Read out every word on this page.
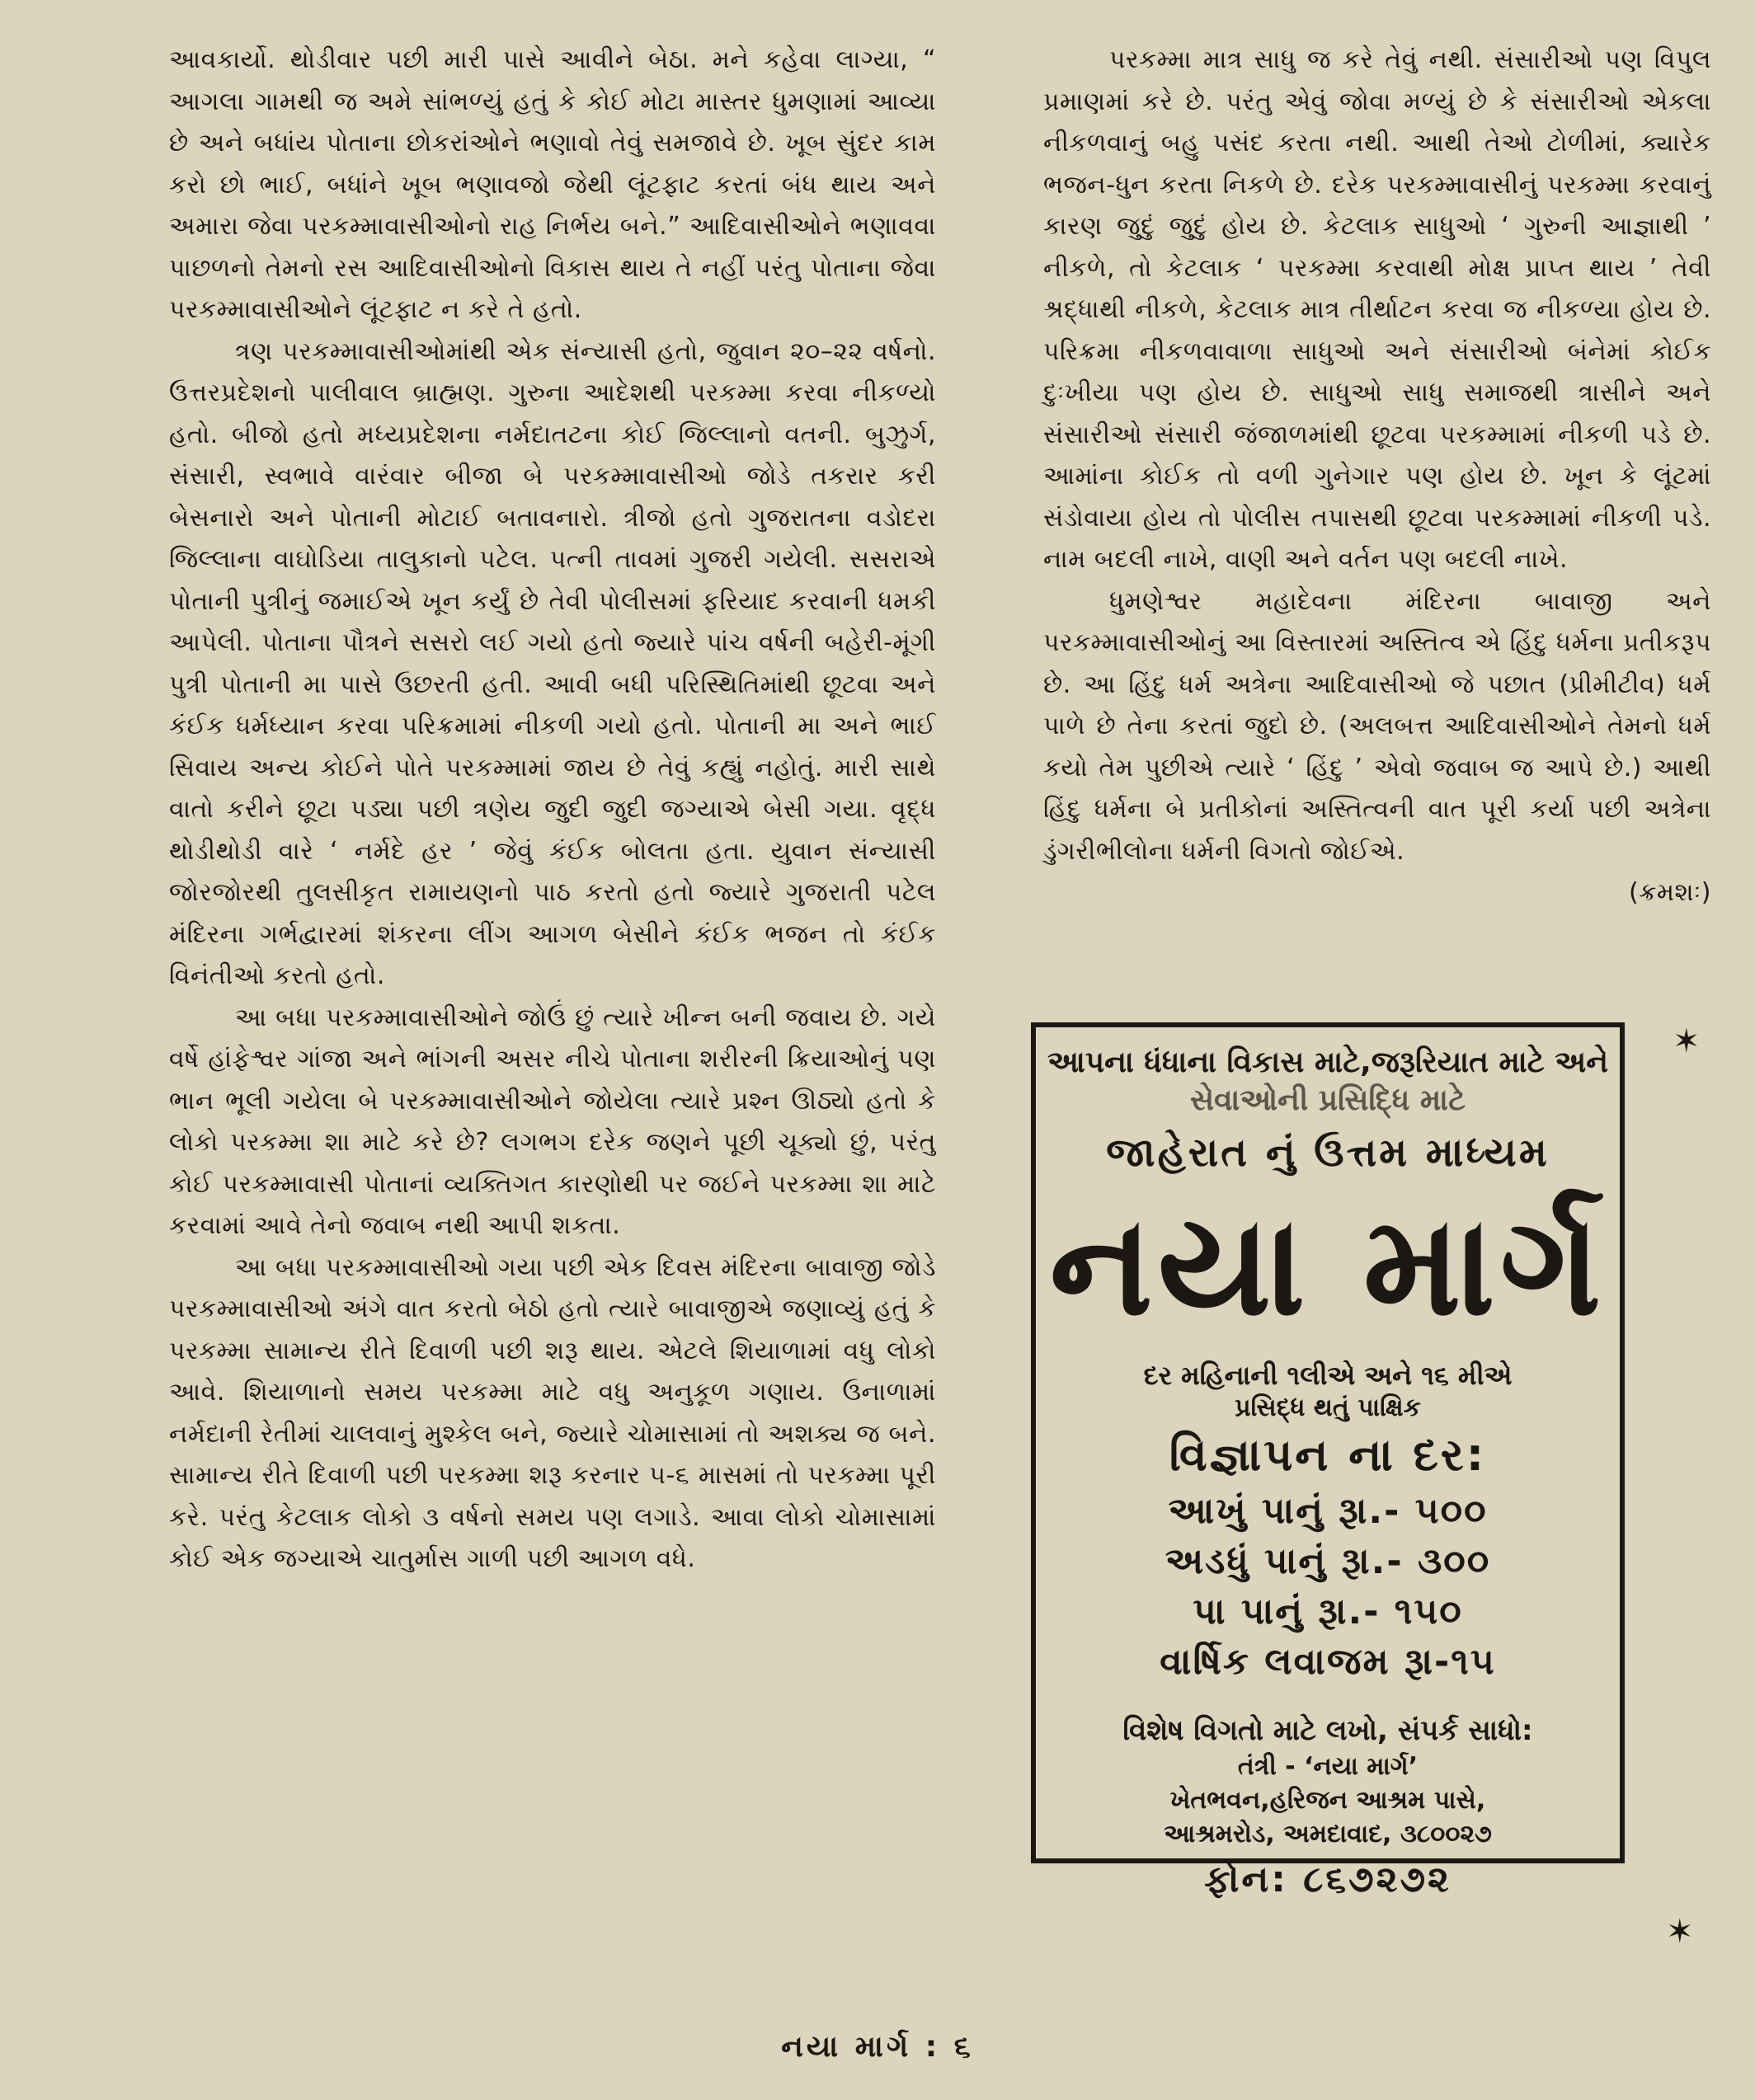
આવકાર્યો. થોડીવાર પછી મારી પાસે આવીને બેઠા. મને કહેવા લાગ્યા, “ આગલા ગામથી જ અમે સાંભળ્યું હતું કે કોઈ મોટા માસ્તર ધુમણામાં આવ્યા છે અને બધાંય પોતાના છોકરાંઓને ભણાવો તેવું સમજાવે છે. ખૂબ સુંદર કામ કરો છો ભાઈ, બધાંને ખૂબ ભણાવજો જેથી લૂંટફાટ કરતાં બંધ થાય અને અમારા જેવા પરકમ્માવાસીઓનો રાહ નિર્ભય બને.” આદિવાસીઓને ભણાવવા પાછળનો તેમનો રસ આદિવાસીઓનો વિકાસ થાય તે નહીં પરંતુ પોતાના જેવા પરકમ્માવાસીઓને લૂંટફાટ ન કરે તે હતો.

ત્રણ પરકમ્માવાસીઓમાંથી એક સંન્યાસી હતો, જુવાન ૨૦–૨૨ વર્ષનો. ઉત્તરપ્રદેશનો પાલીવાલ બ્રાહ્મણ. ગુરુના આદેશથી પરકમ્મા કરવા નીકળ્યો હતો. બીજો હતો મધ્યપ્રદેશના નર્મદાતટના કોઈ જિલ્લાનો વતની. બુઝુર્ગ, સંસારી, સ્વભાવે વારંવાર બીજા બે પરકમ્માવાસીઓ જોડે તકરાર કરી બેસનારો અને પોતાની મોટાઈ બતાવનારો. ત્રીજો હતો ગુજરાતના વડોદરા જિલ્લાના વાઘોડિયા તાલુકાનો પટેલ. પત્ની તાવમાં ગુજરી ગયેલી. સસરાએ પોતાની પુત્રીનું જમાઈએ ખૂન કર્યું છે તેવી પોલીસમાં ફરિયાદ કરવાની ધમકી આપેલી. પોતાના પૌત્રને સસરો લઈ ગયો હતો જ્યારે પાંચ વર્ષની બહેરી-મૂંગી પુત્રી પોતાની મા પાસે ઉછરતી હતી. આવી બધી પરિસ્થિતિમાંથી છૂટવા અને કંઈક ધર્મધ્યાન કરવા પરિક્રમામાં નીકળી ગયો હતો. પોતાની મા અને ભાઈ સિવાય અન્ય કોઈને પોતે પરકમ્મામાં જાય છે તેવું કહ્યું નહોતું. મારી સાથે વાતો કરીને છૂટા પડ્યા પછી ત્રણેય જુદી જુદી જગ્યાએ બેસી ગયા. વૃદ્ધ થોડીથોડી વારે ‘ નર્મદે હર ’ જેવું કંઈક બોલતા હતા. યુવાન સંન્યાસી જોરજોરથી તુલસીકૃત રામાયણનો પાઠ કરતો હતો જ્યારે ગુજરાતી પટેલ મંદિરના ગર્ભદ્વારમાં શંકરના લીંગ આગળ બેસીને કંઈક ભજન તો કંઈક વિનંતીઓ કરતો હતો.

આ બધા પરકમ્માવાસીઓને જોઉં છું ત્યારે ખીન્ન બની જવાય છે. ગયે વર્ષે હાંફેશ્વર ગાંજા અને ભાંગની અસર નીચે પોતાના શરીરની ક્રિયાઓનું પણ ભાન ભૂલી ગયેલા બે પરકમ્માવાસીઓને જોયેલા ત્યારે પ્રશ્ન ઊઠ્યો હતો કે લોકો પરકમ્મા શા માટે કરે છે? લગભગ દરેક જણને પૂછી ચૂક્યો છું, પરંતુ કોઈ પરકમ્માવાસી પોતાનાં વ્યક્તિગત કારણોથી પર જઈને પરકમ્મા શા માટે કરવામાં આવે તેનો જવાબ નથી આપી શકતા.

આ બધા પરકમ્માવાસીઓ ગયા પછી એક દિવસ મંદિરના બાવાજી જોડે પરકમ્માવાસીઓ અંગે વાત કરતો બેઠો હતો ત્યારે બાવાજીએ જણાવ્યું હતું કે પરકમ્મા સામાન્ય રીતે દિવાળી પછી શરૂ થાય. એટલે શિયાળામાં વધુ લોકો આવે. શિયાળાનો સમય પરકમ્મા માટે વધુ અનુકૂળ ગણાય. ઉનાળામાં નર્મદાની રેતીમાં ચાલવાનું મુશ્કેલ બને, જ્યારે ચોમાસામાં તો અશક્ય જ બને. સામાન્ય રીતે દિવાળી પછી પરકમ્મા શરૂ કરનાર ૫-૬ માસમાં તો પરકમ્મા પૂરી કરે. પરંતુ કેટલાક લોકો ૩ વર્ષનો સમય પણ લગાડે. આવા લોકો ચોમાસામાં કોઈ એક જગ્યાએ ચાતુર્માસ ગાળી પછી આગળ વધે.

પરકમ્મા માત્ર સાધુ જ કરે તેવું નથી. સંસારીઓ પણ વિપુલ પ્રમાણમાં કરે છે. પરંતુ એવું જોવા મળ્યું છે કે સંસારીઓ એકલા નીકળવાનું બહુ પસંદ કરતા નથી. આથી તેઓ ટોળીમાં, ક્યારેક ભજન-ધુન કરતા નિકળે છે. દરેક પરકમ્માવાસીનું પરકમ્મા કરવાનું કારણ જુદું જુદું હોય છે. કેટલાક સાધુઓ ‘ ગુરુની આજ્ઞાથી ’ નીકળે, તો કેટલાક ‘ પરકમ્મા કરવાથી મોક્ષ પ્રાપ્ત થાય ’ તેવી શ્રદ્ધાથી નીકળે, કેટલાક માત્ર તીર્થાટન કરવા જ નીકળ્યા હોય છે. પરિક્રમા નીકળવાવાળા સાધુઓ અને સંસારીઓ બંનેમાં કોઈક દુઃખીયા પણ હોય છે. સાધુઓ સાધુ સમાજથી ત્રાસીને અને સંસારીઓ સંસારી જંજાળમાંથી છૂટવા પરકમ્મામાં નીકળી પડે છે. આમાંના કોઈક તો વળી ગુનેગાર પણ હોય છે. ખૂન કે લૂંટમાં સંડોવાયા હોય તો પોલીસ તપાસથી છૂટવા પરકમ્મામાં નીકળી પડે. નામ બદલી નાખે, વાણી અને વર્તન પણ બદલી નાખે.

ધુમણેશ્વર મહાદેવના મંદિરના બાવાજી અને પરકમ્માવાસીઓનું આ વિસ્તારમાં અસ્તિત્વ એ હિંદુ ધર્મના પ્રતીકરૂપ છે. આ હિંદુ ધર્મ અત્રેના આદિવાસીઓ જે પછાત (પ્રીમીટીવ) ધર્મ પાળે છે તેના કરતાં જુદો છે. (અલબત્ત આદિવાસીઓને તેમનો ધર્મ કયો તેમ પુછીએ ત્યારે ‘ હિંદુ ’ એવો જવાબ જ આપે છે.) આથી હિંદુ ધર્મના બે પ્રતીકોનાં અસ્તિત્વની વાત પૂરી કર્યા પછી અત્રેના ડુંગરીભીલોના ધર્મની વિગતો જોઈએ.

(ક્રમશઃ)

✶
✶
આપના ધંધાના વિકાસ માટે,જરૂરિયાત માટે અને
સેવાઓની પ્રસિદ્ધિ માટે
જાહેરાત નું ઉત્તમ માધ્યમ
નયા માર્ગ
દર મહિનાની ૧લીએ અને ૧૬ મીએ
પ્રસિદ્ધ થતું પાક્ષિક
વિજ્ઞાપન ના દર:
આખું પાનું રૂા.- ૫૦૦
અડધું પાનું રૂા.- ૩૦૦
પા પાનું રૂા.- ૧૫૦
વાર્ષિક લવાજમ રૂા-૧૫
વિશેષ વિગતો માટે લખો, સંપર્ક સાધો:
તંત્રી - ‘નયા માર્ગ’
ખેતભવન,હરિજન આશ્રમ પાસે,
આશ્રમરોડ, અમદાવાદ, ૩૮૦૦૨૭
ફોન: ૮૬૭૨૭૨
નયા માર્ગ : ૬
